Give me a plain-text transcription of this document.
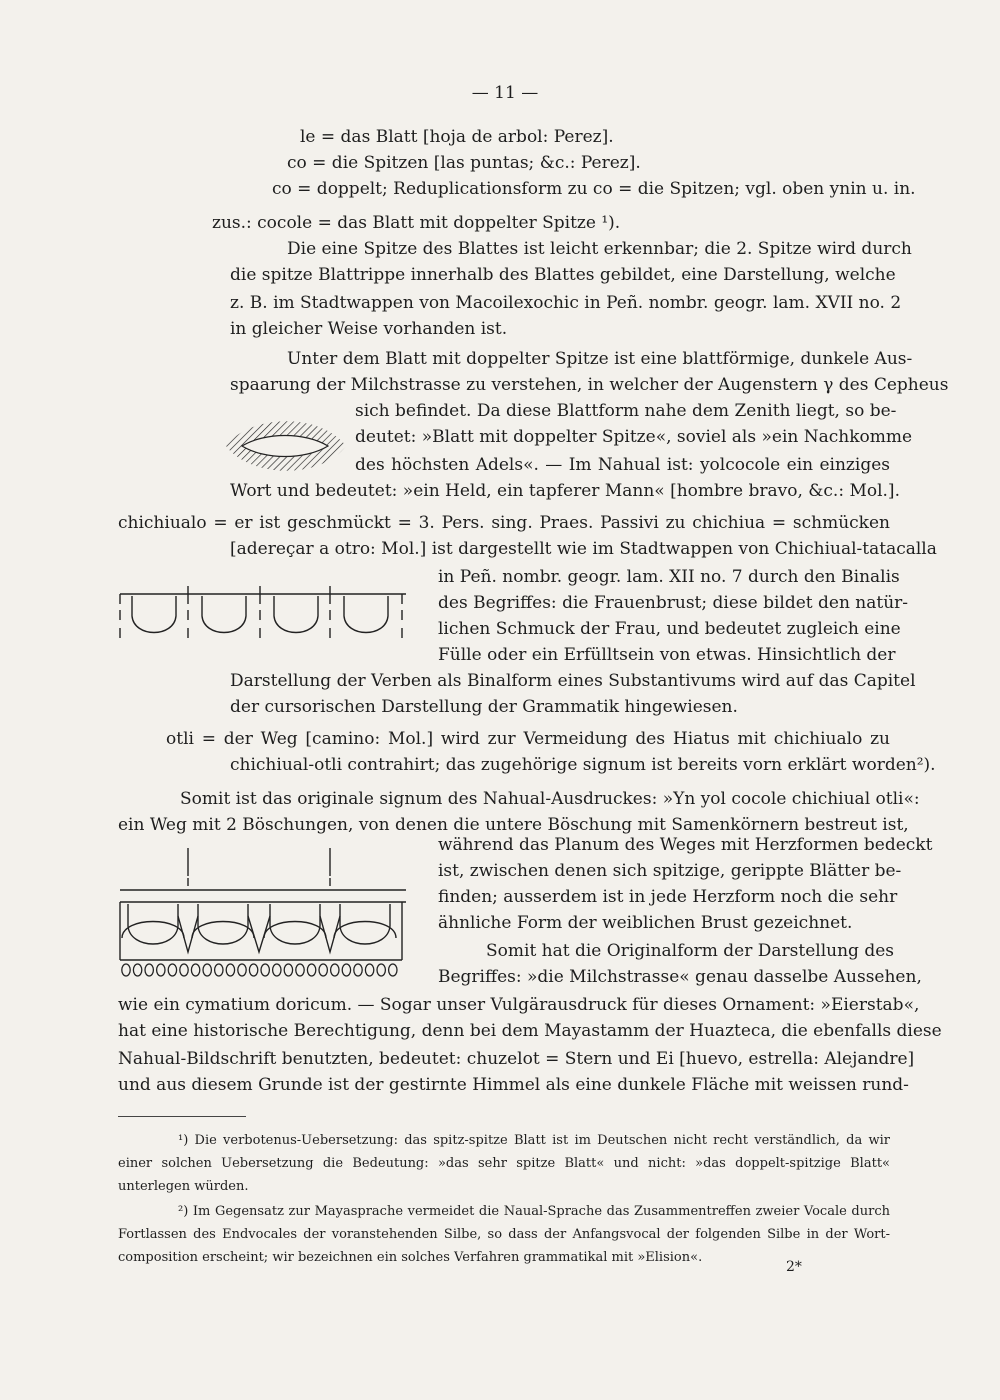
— 11 —
le = das Blatt [hoja de arbol: Perez].
co = die Spitzen [las puntas; &c.: Perez].
co = doppelt; Reduplicationsform zu co = die Spitzen; vgl. oben ynin u. in.
zus.: cocole = das Blatt mit doppelter Spitze ¹).
Die eine Spitze des Blattes ist leicht erkennbar; die 2. Spitze wird durch
die spitze Blattrippe innerhalb des Blattes gebildet, eine Darstellung, welche
z. B. im Stadtwappen von Macoilexochic in Peñ. nombr. geogr. lam. XVII no. 2
in gleicher Weise vorhanden ist.
Unter dem Blatt mit doppelter Spitze ist eine blattförmige, dunkele Aus-
spaarung der Milchstrasse zu verstehen, in welcher der Augenstern γ des Cepheus
sich befindet. Da diese Blattform nahe dem Zenith liegt, so be-
deutet: »Blatt mit doppelter Spitze«, soviel als »ein Nachkomme
des höchsten Adels«. — Im Nahual ist: yolcocole ein einziges
Wort und bedeutet: »ein Held, ein tapferer Mann« [hombre bravo, &c.: Mol.].
chichiualo = er ist geschmückt = 3. Pers. sing. Praes. Passivi zu chichiua = schmücken
[adereçar a otro: Mol.] ist dargestellt wie im Stadtwappen von Chichiual-tatacalla
in Peñ. nombr. geogr. lam. XII no. 7 durch den Binalis
des Begriffes: die Frauenbrust; diese bildet den natür-
lichen Schmuck der Frau, und bedeutet zugleich eine
Fülle oder ein Erfülltsein von etwas. Hinsichtlich der
Darstellung der Verben als Binalform eines Substantivums wird auf das Capitel
der cursorischen Darstellung der Grammatik hingewiesen.
otli = der Weg [camino: Mol.] wird zur Vermeidung des Hiatus mit chichiualo zu
chichiual-otli contrahirt; das zugehörige signum ist bereits vorn erklärt worden²).
Somit ist das originale signum des Nahual-Ausdruckes: »Yn yol cocole chichiual otli«:
ein Weg mit 2 Böschungen, von denen die untere Böschung mit Samenkörnern bestreut ist,
während das Planum des Weges mit Herzformen bedeckt
ist, zwischen denen sich spitzige, gerippte Blätter be-
finden; ausserdem ist in jede Herzform noch die sehr
ähnliche Form der weiblichen Brust gezeichnet.
Somit hat die Originalform der Darstellung des
Begriffes: »die Milchstrasse« genau dasselbe Aussehen,
wie ein cymatium doricum. — Sogar unser Vulgärausdruck für dieses Ornament: »Eierstab«,
hat eine historische Berechtigung, denn bei dem Mayastamm der Huazteca, die ebenfalls diese
Nahual-Bildschrift benutzten, bedeutet: chuzelot = Stern und Ei [huevo, estrella: Alejandre]
und aus diesem Grunde ist der gestirnte Himmel als eine dunkele Fläche mit weissen rund-
¹) Die verbotenus-Uebersetzung: das spitz-spitze Blatt ist im Deutschen nicht recht verständlich, da wir
einer solchen Uebersetzung die Bedeutung: »das sehr spitze Blatt« und nicht: »das doppelt-spitzige Blatt«
unterlegen würden.
²) Im Gegensatz zur Mayasprache vermeidet die Naual-Sprache das Zusammentreffen zweier Vocale durch
Fortlassen des Endvocales der voranstehenden Silbe, so dass der Anfangsvocal der folgenden Silbe in der Wort-
composition erscheint; wir bezeichnen ein solches Verfahren grammatikal mit »Elision«.
2*
